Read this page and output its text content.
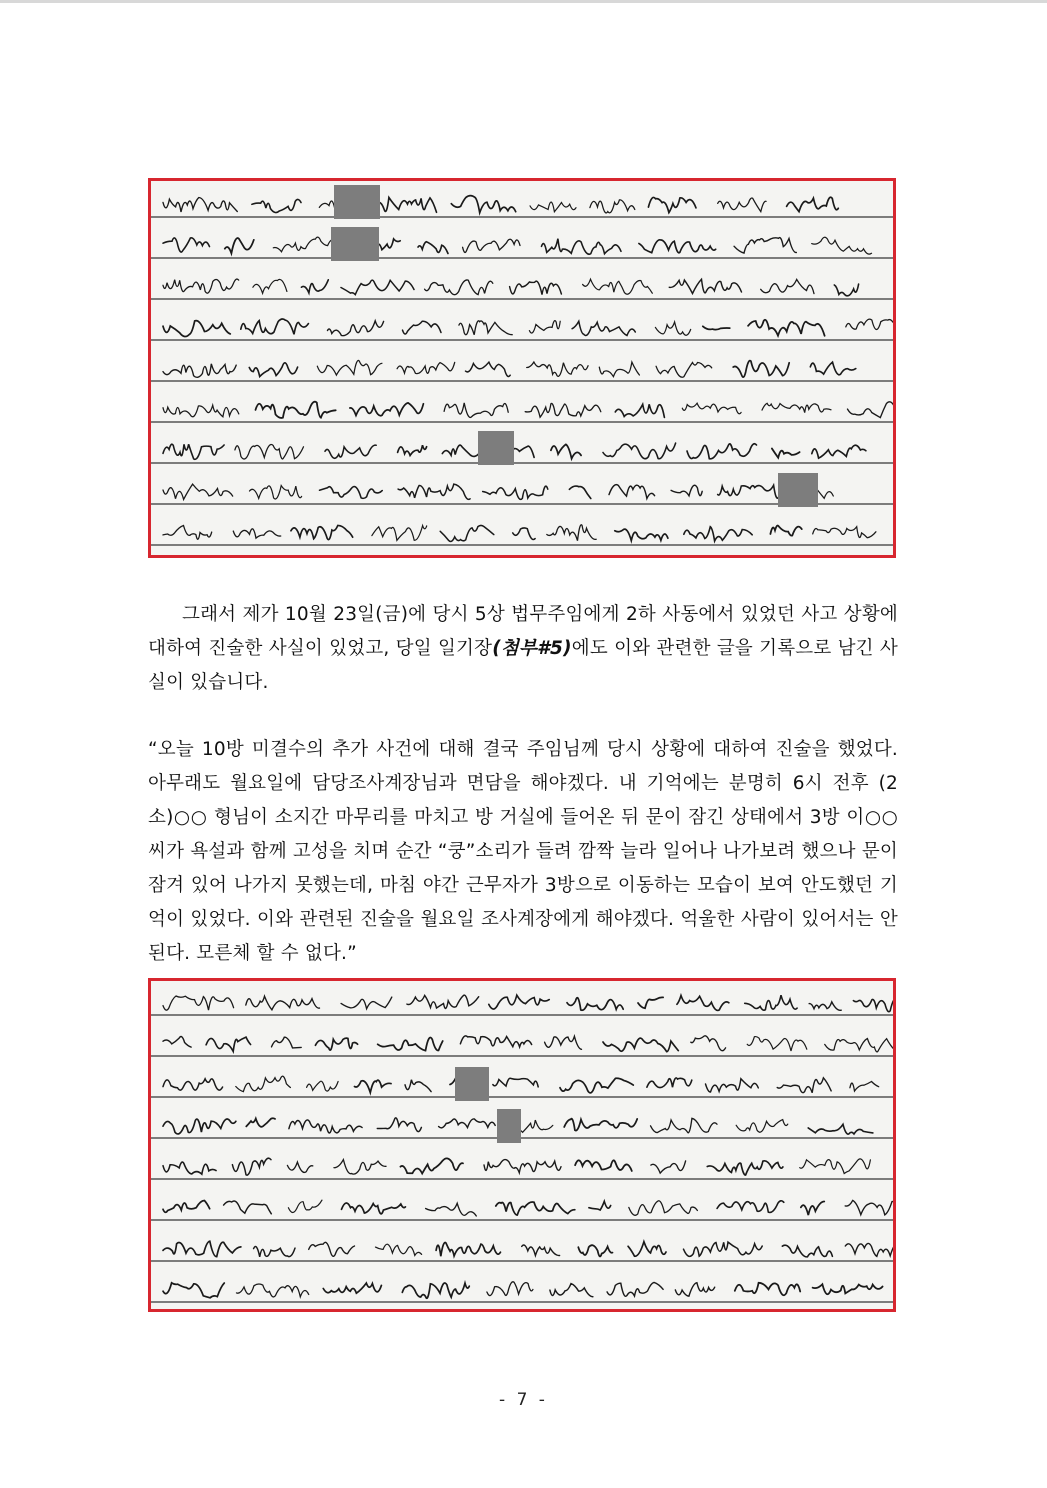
그래서 제가 10월 23일(금)에 당시 5상 법무주임에게 2하 사동에서 있었던 사고 상황에 대하여 진술한 사실이 있었고, 당일 일기장(첨부#5)에도 이와 관련한 글을 기록으로 남긴 사실이 있습니다.

“오늘 10방 미결수의 추가 사건에 대해 결국 주임님께 당시 상황에 대하여 진술을 했었다. 아무래도 월요일에 담당조사계장님과 면담을 해야겠다. 내 기억에는 분명히 6시 전후 (2소)○○ 형님이 소지간 마무리를 마치고 방 거실에 들어온 뒤 문이 잠긴 상태에서 3방 이○○씨가 욕설과 함께 고성을 치며 순간 “쿵”소리가 들려 깜짝 늘라 일어나 나가보려 했으나 문이 잠겨 있어 나가지 못했는데, 마침 야간 근무자가 3방으로 이동하는 모습이 보여 안도했던 기억이 있었다. 이와 관련된 진술을 월요일 조사계장에게 해야겠다. 억울한 사람이 있어서는 안된다. 모른체 할 수 없다.”

- 7 -
